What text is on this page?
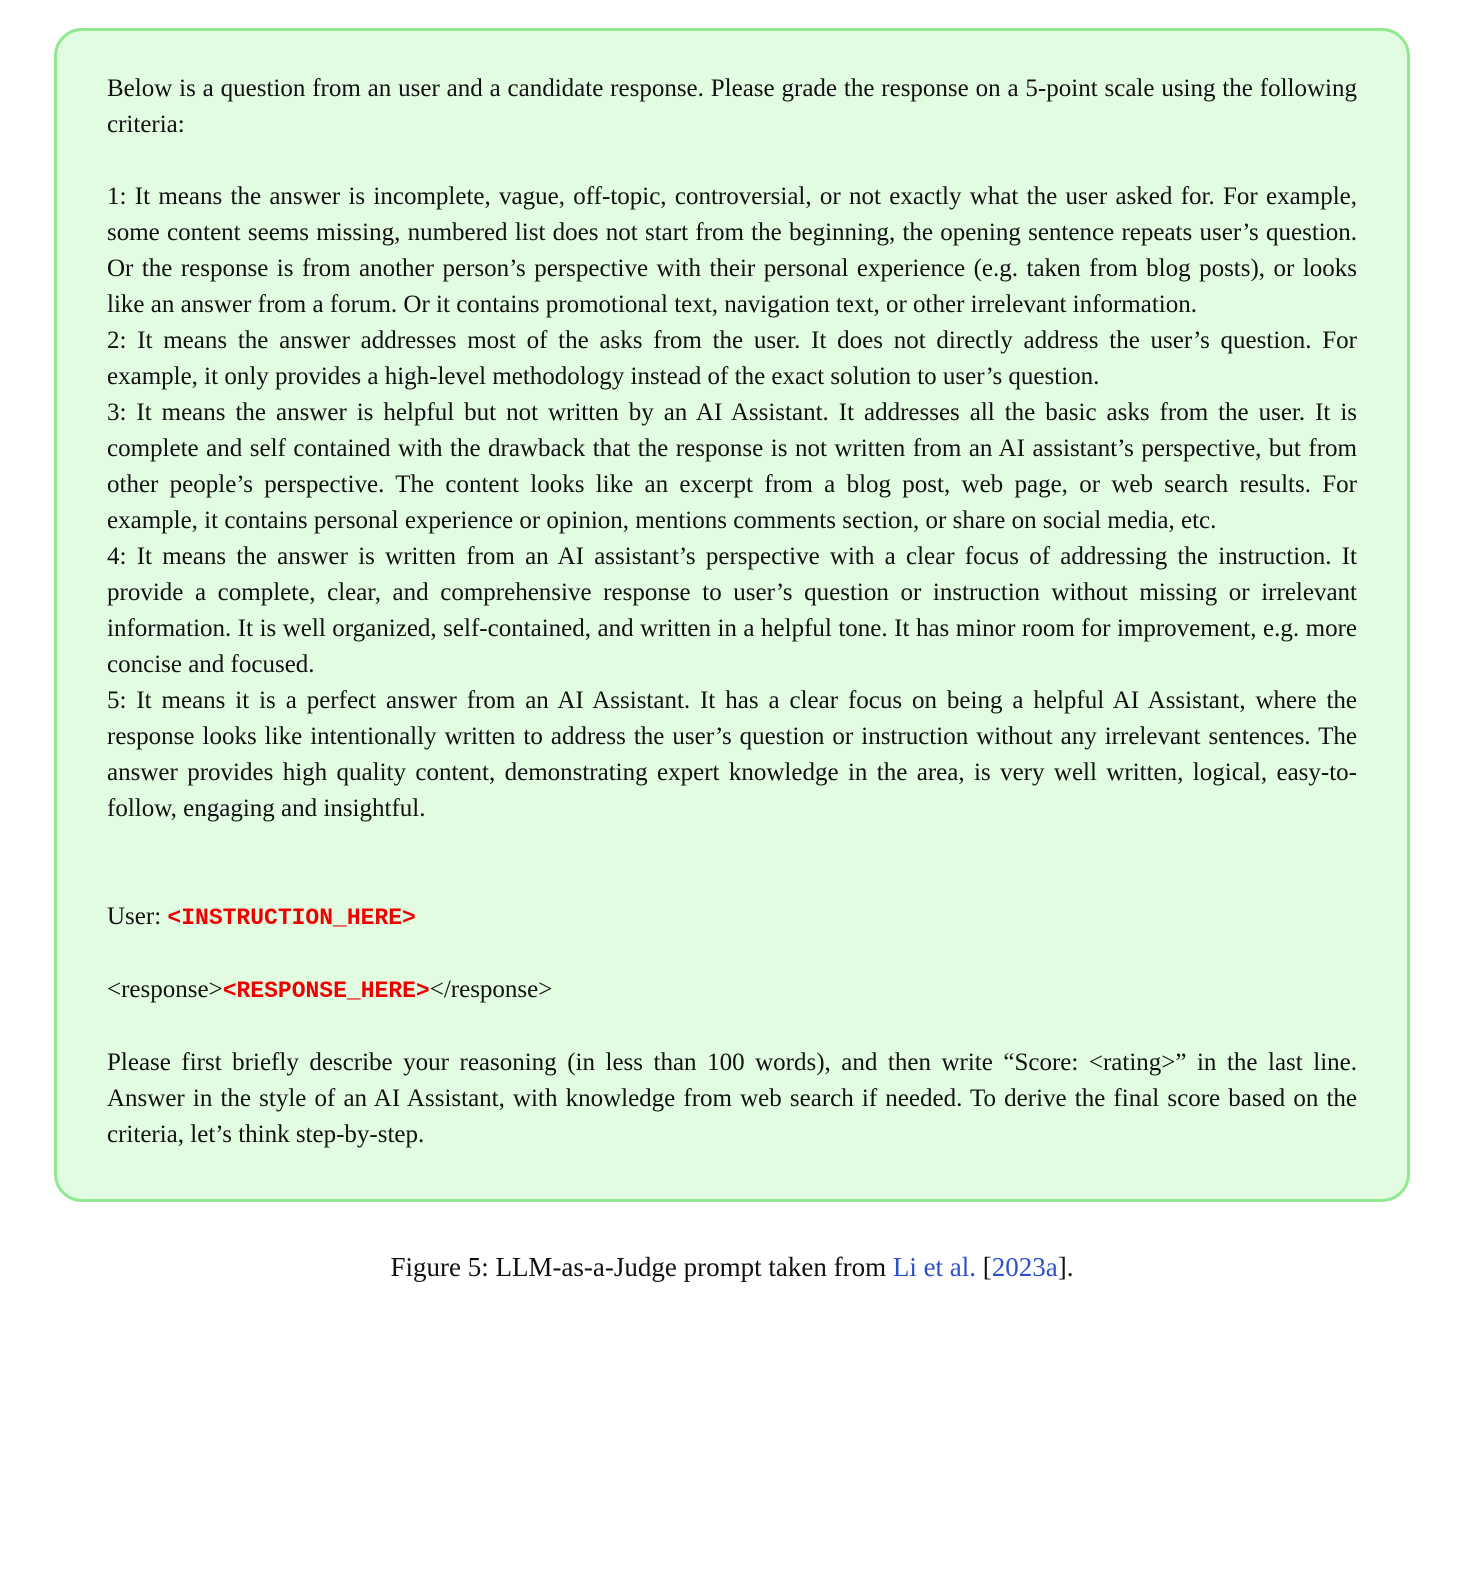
Below is a question from an user and a candidate response. Please grade the response on a 5-point scale using the following criteria:

1: It means the answer is incomplete, vague, off-topic, controversial, or not exactly what the user asked for. For example, some content seems missing, numbered list does not start from the beginning, the opening sentence repeats user’s question. Or the response is from another person’s perspective with their personal experience (e.g. taken from blog posts), or looks like an answer from a forum. Or it contains promotional text, navigation text, or other irrelevant information.

2: It means the answer addresses most of the asks from the user. It does not directly address the user’s question. For example, it only provides a high-level methodology instead of the exact solution to user’s question.

3: It means the answer is helpful but not written by an AI Assistant. It addresses all the basic asks from the user. It is complete and self contained with the drawback that the response is not written from an AI assistant’s perspective, but from other people’s perspective. The content looks like an excerpt from a blog post, web page, or web search results. For example, it contains personal experience or opinion, mentions comments section, or share on social media, etc.

4: It means the answer is written from an AI assistant’s perspective with a clear focus of addressing the instruction. It provide a complete, clear, and comprehensive response to user’s question or instruction without missing or irrelevant information. It is well organized, self-contained, and written in a helpful tone. It has minor room for improvement, e.g. more concise and focused.

5: It means it is a perfect answer from an AI Assistant. It has a clear focus on being a helpful AI Assistant, where the response looks like intentionally written to address the user’s question or instruction without any irrelevant sentences. The answer provides high quality content, demonstrating expert knowledge in the area, is very well written, logical, easy-to-follow, engaging and insightful.

User: <INSTRUCTION_HERE>

<response><RESPONSE_HERE></response>

Please first briefly describe your reasoning (in less than 100 words), and then write “Score: <rating>” in the last line. Answer in the style of an AI Assistant, with knowledge from web search if needed. To derive the final score based on the criteria, let’s think step-by-step.

Figure 5: LLM-as-a-Judge prompt taken from Li et al. [2023a].
